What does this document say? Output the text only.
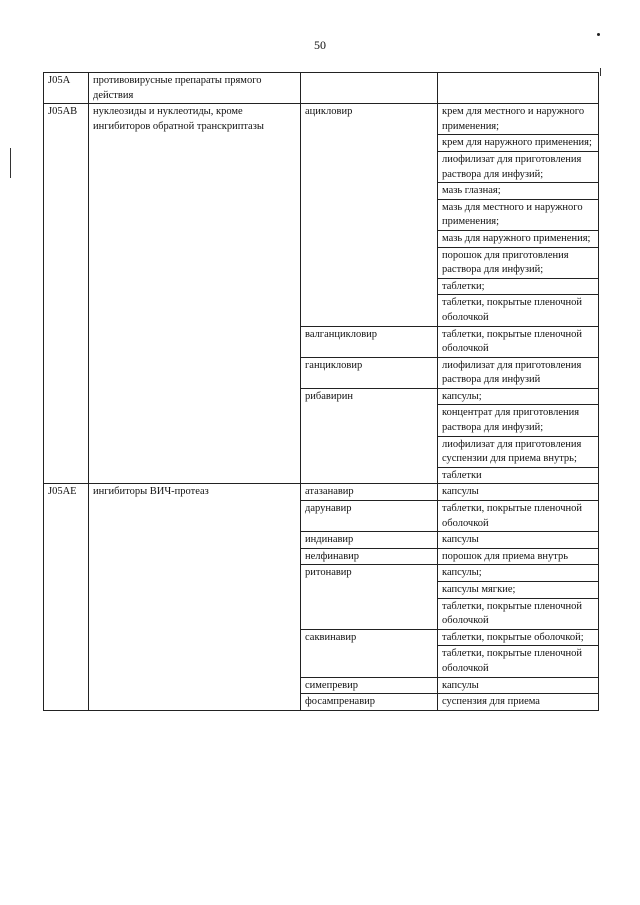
50
J05A	противовирусные препараты прямого действия		
J05AB	нуклеозиды и нуклеотиды, кроме ингибиторов обратной транскриптазы	ацикловир	крем для местного и наружного применения;
			крем для наружного применения;
			лиофилизат для приготовления раствора для инфузий;
			мазь глазная;
			мазь для местного и наружного применения;
			мазь для наружного применения;
			порошок для приготовления раствора для инфузий;
			таблетки;
			таблетки, покрытые пленочной оболочкой
		валганцикловир	таблетки, покрытые пленочной оболочкой
		ганцикловир	лиофилизат для приготовления раствора для инфузий
		рибавирин	капсулы;
			концентрат для приготовления раствора для инфузий;
			лиофилизат для приготовления суспензии для приема внутрь;
			таблетки
J05AE	ингибиторы ВИЧ-протеаз	атазанавир	капсулы
		дарунавир	таблетки, покрытые пленочной оболочкой
		индинавир	капсулы
		нелфинавир	порошок для приема внутрь
		ритонавир	капсулы;
			капсулы мягкие;
			таблетки, покрытые пленочной оболочкой
		саквинавир	таблетки, покрытые оболочкой;
			таблетки, покрытые пленочной оболочкой
		симепревир	капсулы
		фосампренавир	суспензия для приема
